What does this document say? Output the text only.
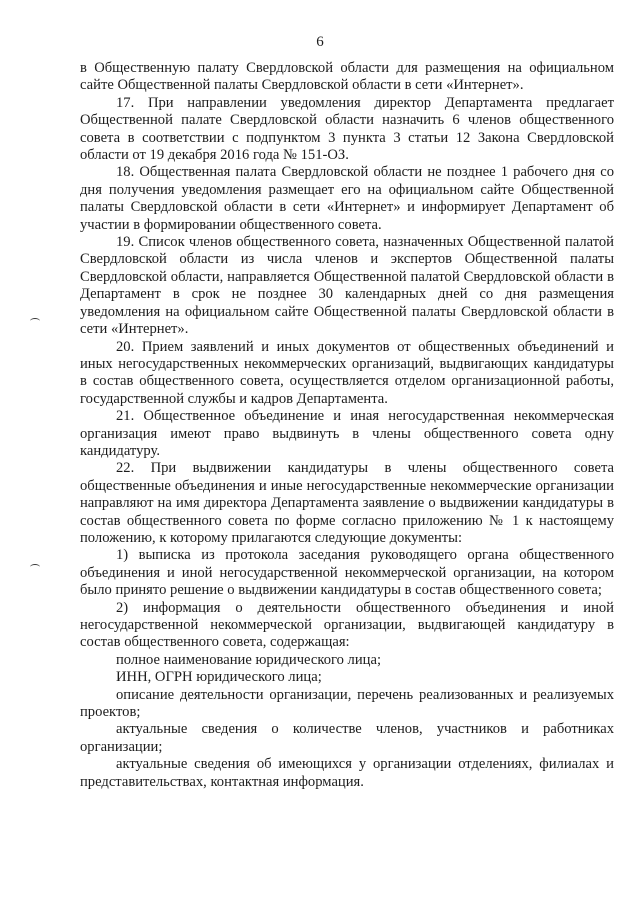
6

в Общественную палату Свердловской области для размещения на официальном сайте Общественной палаты Свердловской области в сети «Интернет».

17. При направлении уведомления директор Департамента предлагает Общественной палате Свердловской области назначить 6 членов общественного совета в соответствии с подпунктом 3 пункта 3 статьи 12 Закона Свердловской области от 19 декабря 2016 года № 151-ОЗ.

18. Общественная палата Свердловской области не позднее 1 рабочего дня со дня получения уведомления размещает его на официальном сайте Общественной палаты Свердловской области в сети «Интернет» и информирует Департамент об участии в формировании общественного совета.

19. Список членов общественного совета, назначенных Общественной палатой Свердловской области из числа членов и экспертов Общественной палаты Свердловской области, направляется Общественной палатой Свердловской области в Департамент в срок не позднее 30 календарных дней со дня размещения уведомления на официальном сайте Общественной палаты Свердловской области в сети «Интернет».

20. Прием заявлений и иных документов от общественных объединений и иных негосударственных некоммерческих организаций, выдвигающих кандидатуры в состав общественного совета, осуществляется отделом организационной работы, государственной службы и кадров Департамента.

21. Общественное объединение и иная негосударственная некоммерческая организация имеют право выдвинуть в члены общественного совета одну кандидатуру.

22. При выдвижении кандидатуры в члены общественного совета общественные объединения и иные негосударственные некоммерческие организации направляют на имя директора Департамента заявление о выдвижении кандидатуры в состав общественного совета по форме согласно приложению № 1 к настоящему положению, к которому прилагаются следующие документы:

1) выписка из протокола заседания руководящего органа общественного объединения и иной негосударственной некоммерческой организации, на котором было принято решение о выдвижении кандидатуры в состав общественного совета;

2) информация о деятельности общественного объединения и иной негосударственной некоммерческой организации, выдвигающей кандидатуру в состав общественного совета, содержащая:

полное наименование юридического лица;

ИНН, ОГРН юридического лица;

описание деятельности организации, перечень реализованных и реализуемых проектов;

актуальные сведения о количестве членов, участников и работниках организации;

актуальные сведения об имеющихся у организации отделениях, филиалах и представительствах, контактная информация.
